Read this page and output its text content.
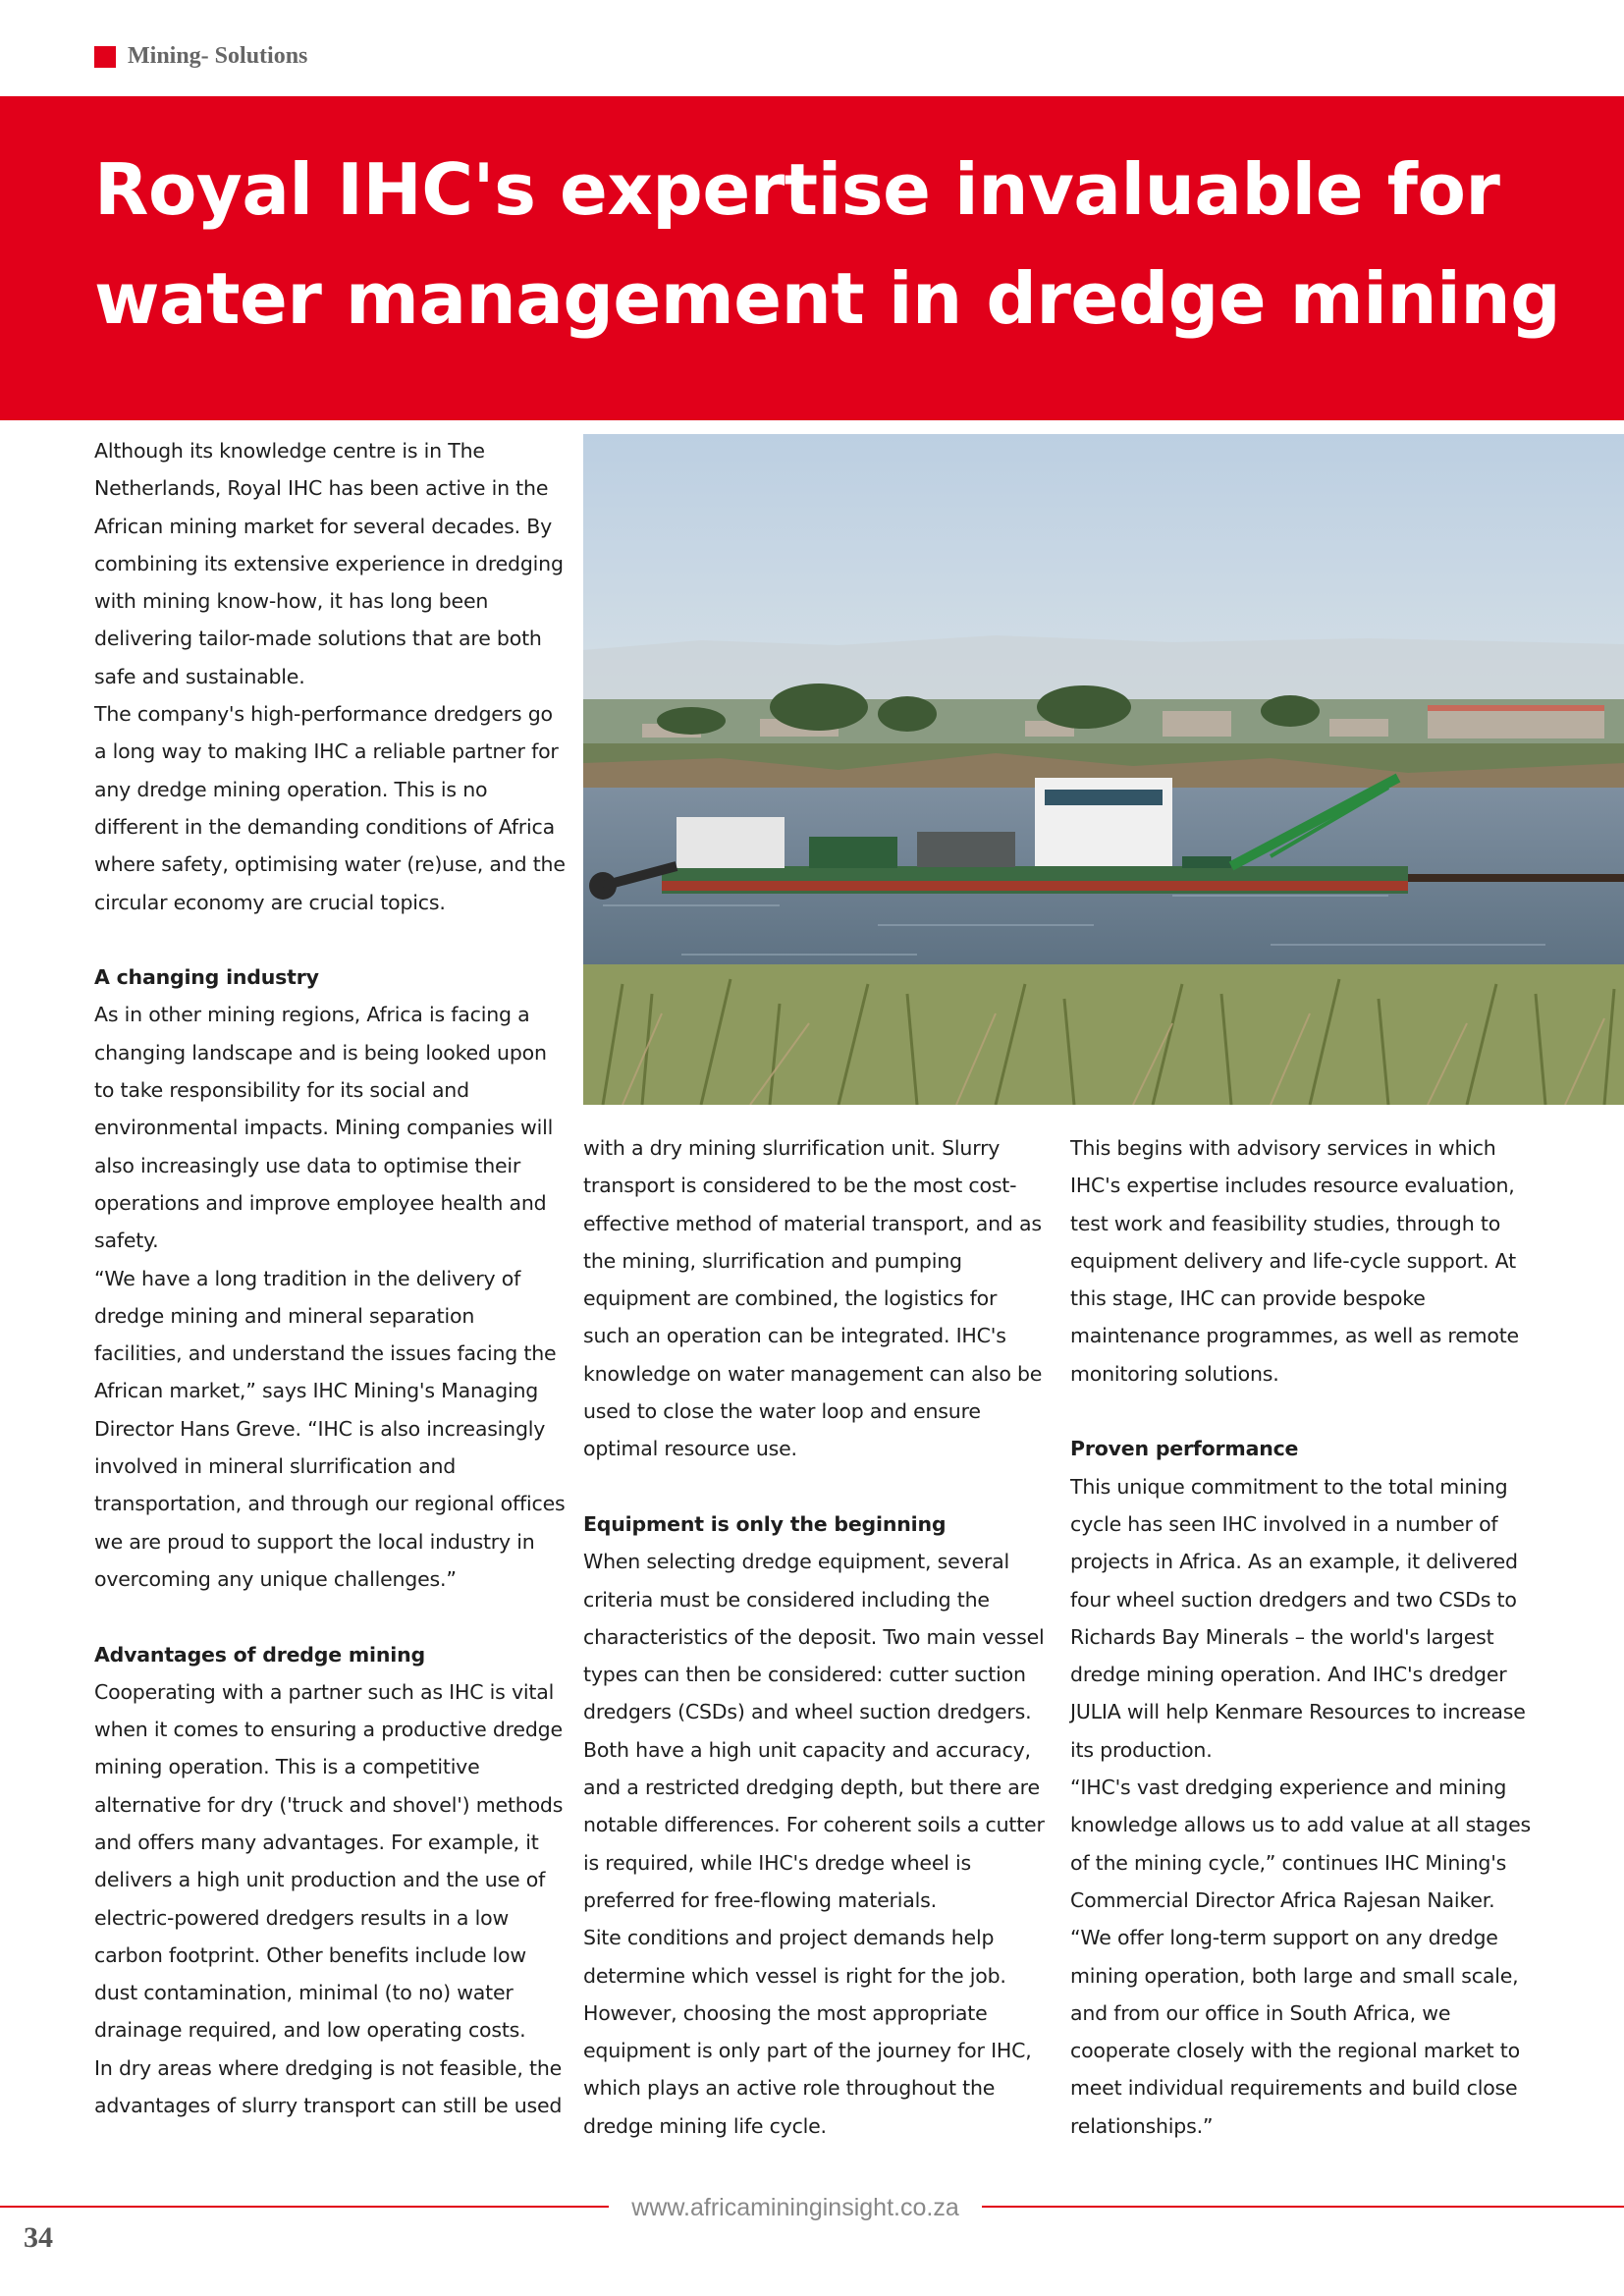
Mining- Solutions
Royal IHC's expertise invaluable for water management in dredge mining

Although its knowledge centre is in The Netherlands, Royal IHC has been active in the African mining market for several decades. By combining its extensive experience in dredging with mining know-how, it has long been delivering tailor-made solutions that are both safe and sustainable.

The company's high-performance dredgers go a long way to making IHC a reliable partner for any dredge mining operation. This is no different in the demanding conditions of Africa where safety, optimising water (re)use, and the circular economy are crucial topics.

A changing industry

As in other mining regions, Africa is facing a changing landscape and is being looked upon to take responsibility for its social and environmental impacts. Mining companies will also increasingly use data to optimise their operations and improve employee health and safety.

“We have a long tradition in the delivery of dredge mining and mineral separation facilities, and understand the issues facing the African market,” says IHC Mining's Managing Director Hans Greve. “IHC is also increasingly involved in mineral slurrification and transportation, and through our regional offices we are proud to support the local industry in overcoming any unique challenges.”

Advantages of dredge mining

Cooperating with a partner such as IHC is vital when it comes to ensuring a productive dredge mining operation. This is a competitive alternative for dry ('truck and shovel') methods and offers many advantages. For example, it delivers a high unit production and the use of electric-powered dredgers results in a low carbon footprint. Other benefits include low dust contamination, minimal (to no) water drainage required, and low operating costs.

In dry areas where dredging is not feasible, the advantages of slurry transport can still be used

with a dry mining slurrification unit. Slurry transport is considered to be the most cost-effective method of material transport, and as the mining, slurrification and pumping equipment are combined, the logistics for such an operation can be integrated. IHC's knowledge on water management can also be used to close the water loop and ensure optimal resource use.

Equipment is only the beginning

When selecting dredge equipment, several criteria must be considered including the characteristics of the deposit. Two main vessel types can then be considered: cutter suction dredgers (CSDs) and wheel suction dredgers. Both have a high unit capacity and accuracy, and a restricted dredging depth, but there are notable differences. For coherent soils a cutter is required, while IHC's dredge wheel is preferred for free-flowing materials.

Site conditions and project demands help determine which vessel is right for the job. However, choosing the most appropriate equipment is only part of the journey for IHC, which plays an active role throughout the dredge mining life cycle.

This begins with advisory services in which IHC's expertise includes resource evaluation, test work and feasibility studies, through to equipment delivery and life-cycle support. At this stage, IHC can provide bespoke maintenance programmes, as well as remote monitoring solutions.

Proven performance

This unique commitment to the total mining cycle has seen IHC involved in a number of projects in Africa. As an example, it delivered four wheel suction dredgers and two CSDs to Richards Bay Minerals – the world's largest dredge mining operation. And IHC's dredger JULIA will help Kenmare Resources to increase its production.

“IHC's vast dredging experience and mining knowledge allows us to add value at all stages of the mining cycle,” continues IHC Mining's Commercial Director Africa Rajesan Naiker.

“We offer long-term support on any dredge mining operation, both large and small scale, and from our office in South Africa, we cooperate closely with the regional market to meet individual requirements and build close relationships.”

www.africamininginsight.co.za
34
